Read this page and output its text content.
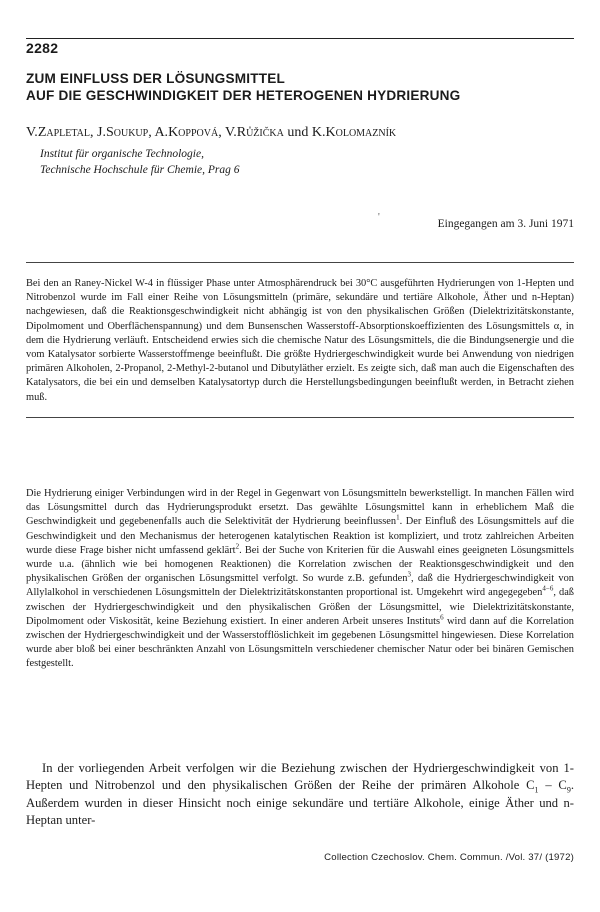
2282
ZUM EINFLUSS DER LÖSUNGSMITTEL
AUF DIE GESCHWINDIGKEIT DER HETEROGENEN HYDRIERUNG
V.Zapletal, J.Soukup, A.Koppová, V.Růžička und K.Kolomazník
Institut für organische Technologie,
Technische Hochschule für Chemie, Prag 6
'
Eingegangen am 3. Juni 1971

Bei den an Raney-Nickel W-4 in flüssiger Phase unter Atmosphärendruck bei 30°C ausgeführten Hydrierungen von 1-Hepten und Nitrobenzol wurde im Fall einer Reihe von Lösungsmitteln (primäre, sekundäre und tertiäre Alkohole, Äther und n-Heptan) nachgewiesen, daß die Reaktionsgeschwindigkeit nicht abhängig ist von den physikalischen Größen (Dielektrizitätskonstante, Dipolmoment und Oberflächenspannung) und dem Bunsenschen Wasserstoff-Absorptionskoeffizienten des Lösungsmittels α, in dem die Hydrierung verläuft. Entscheidend erwies sich die chemische Natur des Lösungsmittels, die die Bindungsenergie und die vom Katalysator sorbierte Wasserstoffmenge beeinflußt. Die größte Hydriergeschwindigkeit wurde bei Anwendung von niedrigen primären Alkoholen, 2-Propanol, 2-Methyl-2-butanol und Dibutyläther erzielt. Es zeigte sich, daß man auch die Eigenschaften des Katalysators, die bei ein und demselben Katalysatortyp durch die Herstellungsbedingungen beeinflußt werden, in Betracht ziehen muß.

Die Hydrierung einiger Verbindungen wird in der Regel in Gegenwart von Lösungsmitteln bewerkstelligt. In manchen Fällen wird das Lösungsmittel durch das Hydrierungsprodukt ersetzt. Das gewählte Lösungsmittel kann in erheblichem Maß die Geschwindigkeit und gegebenenfalls auch die Selektivität der Hydrierung beeinflussen$^1$. Der Einfluß des Lösungsmittels auf die Geschwindigkeit und den Mechanismus der heterogenen katalytischen Reaktion ist kompliziert, und trotz zahlreichen Arbeiten wurde diese Frage bisher nicht umfassend geklärt$^2$. Bei der Suche von Kriterien für die Auswahl eines geeigneten Lösungsmittels wurde u.a. (ähnlich wie bei homogenen Reaktionen) die Korrelation zwischen der Reaktionsgeschwindigkeit und den physikalischen Größen der organischen Lösungsmittel verfolgt. So wurde z.B. gefunden$^3$, daß die Hydriergeschwindigkeit von Allylalkohol in verschiedenen Lösungsmitteln der Dielektrizitätskonstanten proportional ist. Umgekehrt wird angegegeben$^{4-6}$, daß zwischen der Hydriergeschwindigkeit und den physikalischen Größen der Lösungsmittel, wie Dielektrizitätskonstante, Dipolmoment oder Viskosität, keine Beziehung existiert. In einer anderen Arbeit unseres Instituts$^6$ wird dann auf die Korrelation zwischen der Hydriergeschwindigkeit und der Wasserstofflöslichkeit im gegebenen Lösungsmittel hingewiesen. Diese Korrelation wurde aber bloß bei einer beschränkten Anzahl von Lösungsmitteln verschiedener chemischer Natur oder bei binären Gemischen festgestellt.

In der vorliegenden Arbeit verfolgen wir die Beziehung zwischen der Hydriergeschwindigkeit von 1-Hepten und Nitrobenzol und den physikalischen Größen der Reihe der primären Alkohole $C_1 - C_9$. Außerdem wurden in dieser Hinsicht noch einige sekundäre und tertiäre Alkohole, einige Äther und n-Heptan unter-

Collection Czechoslov. Chem. Commun. /Vol. 37/ (1972)
